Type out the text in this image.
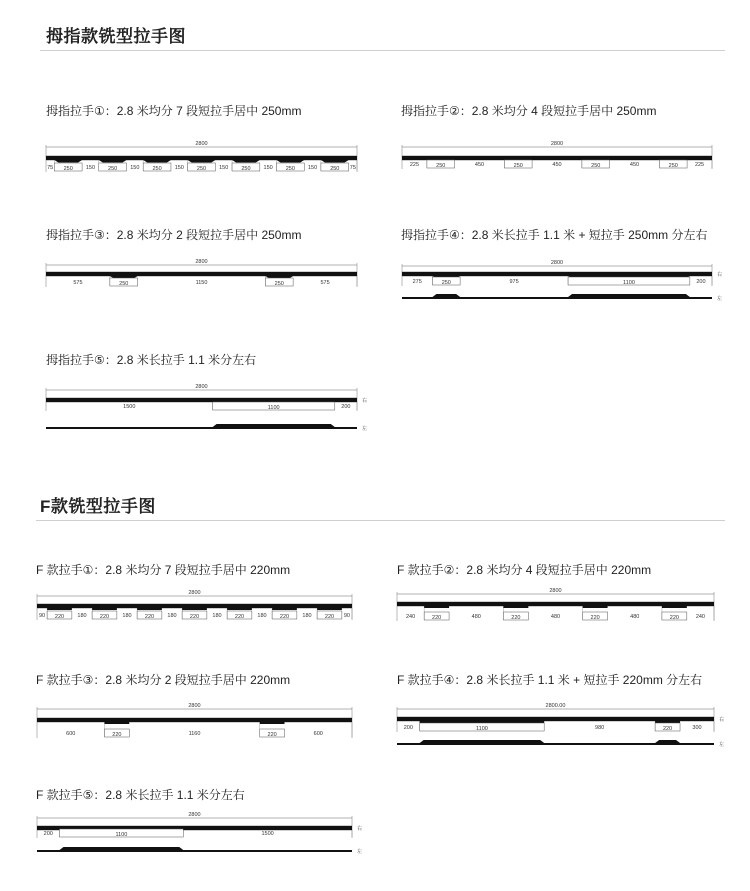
拇指款铣型拉手图
拇指拉手①：2.8 米均分 7 段短拉手居中 250mm
2800
75 250 150 250 150 250 150 250 150 250 150 250 150 250 75
拇指拉手②：2.8 米均分 4 段短拉手居中 250mm
2800
225	250	450	250	450	250	450	250	225
拇指拉手③：2.8 米均分 2 段短拉手居中 250mm
2800
575	250	1150	250	575
拇指拉手④：2.8 米长拉手 1.1 米 + 短拉手 250mm 分左右
2800
275	250	975	1100	200
右
左
拇指拉手⑤：2.8 米长拉手 1.1 米分左右
2800
1500	1100	200
右
左
F款铣型拉手图
F 款拉手①：2.8 米均分 7 段短拉手居中 220mm
2800
90 220 180 220 180 220 180 220 180 220 180 220 180 220 90
F 款拉手②：2.8 米均分 4 段短拉手居中 220mm
2800
240	220	480	220	480	220	480	220	240
F 款拉手③：2.8 米均分 2 段短拉手居中 220mm
2800
600	220	1160	220	600
F 款拉手④：2.8 米长拉手 1.1 米 + 短拉手 220mm 分左右
2800.00
200	1100	980	220	300
右
左
F 款拉手⑤：2.8 米长拉手 1.1 米分左右
2800
200	1100	1500
右
左
